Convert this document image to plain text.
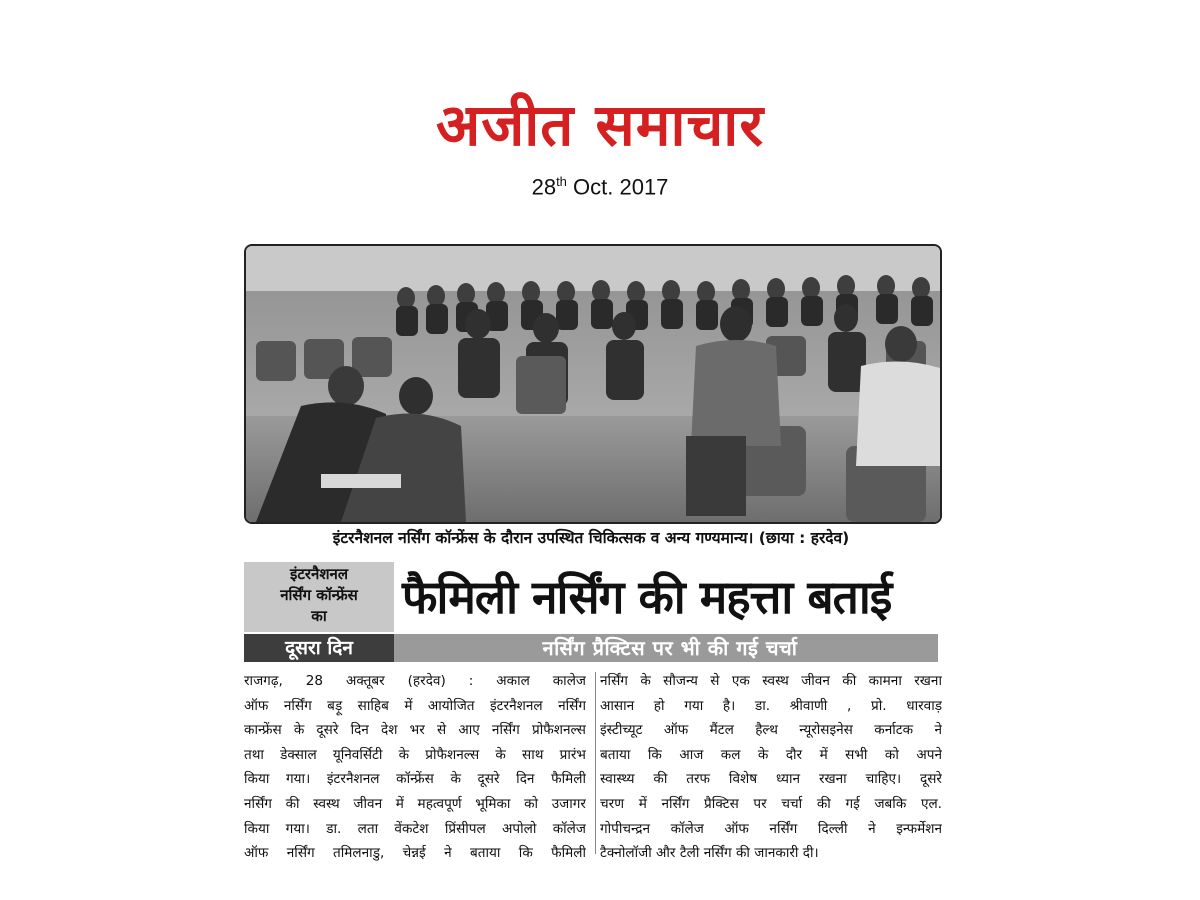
अजीत समाचार
28th Oct. 2017
इंटरनैशनल नर्सिंग कॉन्फ्रेंस के दौरान उपस्थित चिकित्सक व अन्य गण्यमान्य। (छाया : हरदेव)
इंटरनैशनल
नर्सिंग कॉन्फ्रेंस
का	फैमिली नर्सिंग की महत्ता बताई
दूसरा दिन	नर्सिंग प्रैक्टिस पर भी की गई चर्चा

राजगढ़, 28 अक्तूबर (हरदेव) : अकाल कालेज

ऑफ नर्सिंग बड़ू साहिब में आयोजित इंटरनैशनल नर्सिंग

कान्फ्रेंस के दूसरे दिन देश भर से आए नर्सिंग प्रोफैशनल्स

तथा डेक्साल यूनिवर्सिटी के प्रोफैशनल्स के साथ प्रारंभ

किया गया। इंटरनैशनल कॉन्फ्रेंस के दूसरे दिन फैमिली

नर्सिंग की स्वस्थ जीवन में महत्वपूर्ण भूमिका को उजागर

किया गया। डा. लता वेंकटेश प्रिंसीपल अपोलो कॉलेज

ऑफ नर्सिंग तमिलनाडु, चेन्नई ने बताया कि फैमिली

नर्सिंग के सौजन्य से एक स्वस्थ जीवन की कामना रखना

आसान हो गया है। डा. श्रीवाणी , प्रो. धारवाड़

इंस्टीच्यूट ऑफ मैंटल हैल्थ न्यूरोसइनेस कर्नाटक ने

बताया कि आज कल के दौर में सभी को अपने

स्वास्थ्य की तरफ विशेष ध्यान रखना चाहिए। दूसरे

चरण में नर्सिंग प्रैक्टिस पर चर्चा की गई जबकि एल.

गोपीचन्द्रन कॉलेज ऑफ नर्सिंग दिल्ली ने इन्फर्मेशन

टैक्नोलॉजी और टैली नर्सिंग की जानकारी दी।
